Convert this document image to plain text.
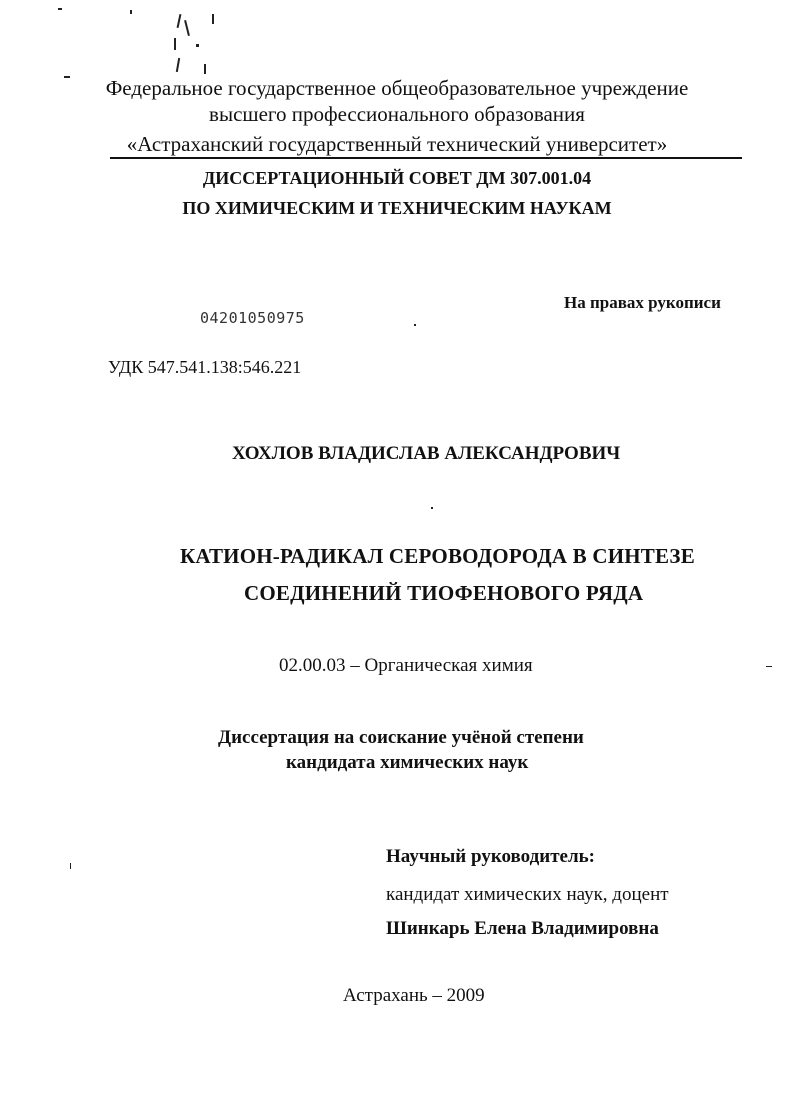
Федеральное государственное общеобразовательное учреждение
высшего профессионального образования
«Астраханский государственный технический университет»
ДИССЕРТАЦИОННЫЙ СОВЕТ ДМ 307.001.04
ПО ХИМИЧЕСКИМ И ТЕХНИЧЕСКИМ НАУКАМ
На правах рукописи
04201050975
УДК 547.541.138:546.221
ХОХЛОВ ВЛАДИСЛАВ АЛЕКСАНДРОВИЧ
КАТИОН-РАДИКАЛ СЕРОВОДОРОДА В СИНТЕЗЕ
СОЕДИНЕНИЙ ТИОФЕНОВОГО РЯДА
02.00.03 – Органическая химия
Диссертация на соискание учёной степени
кандидата химических наук
Научный руководитель:
кандидат химических наук, доцент
Шинкарь Елена Владимировна
Астрахань – 2009
